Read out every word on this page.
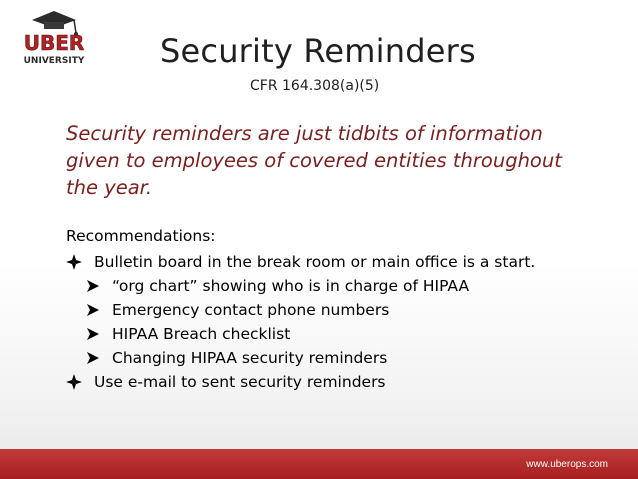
UBER
UNIVERSITY Security Reminders
CFR 164.308(a)(5)
Security reminders are just tidbits of information given to employees of covered entities throughout the year.
Recommendations:
Bulletin board in the break room or main office is a start.
“org chart” showing who is in charge of HIPAA
Emergency contact phone numbers
HIPAA Breach checklist
Changing HIPAA security reminders
Use e-mail to sent security reminders
www.uberops.com
